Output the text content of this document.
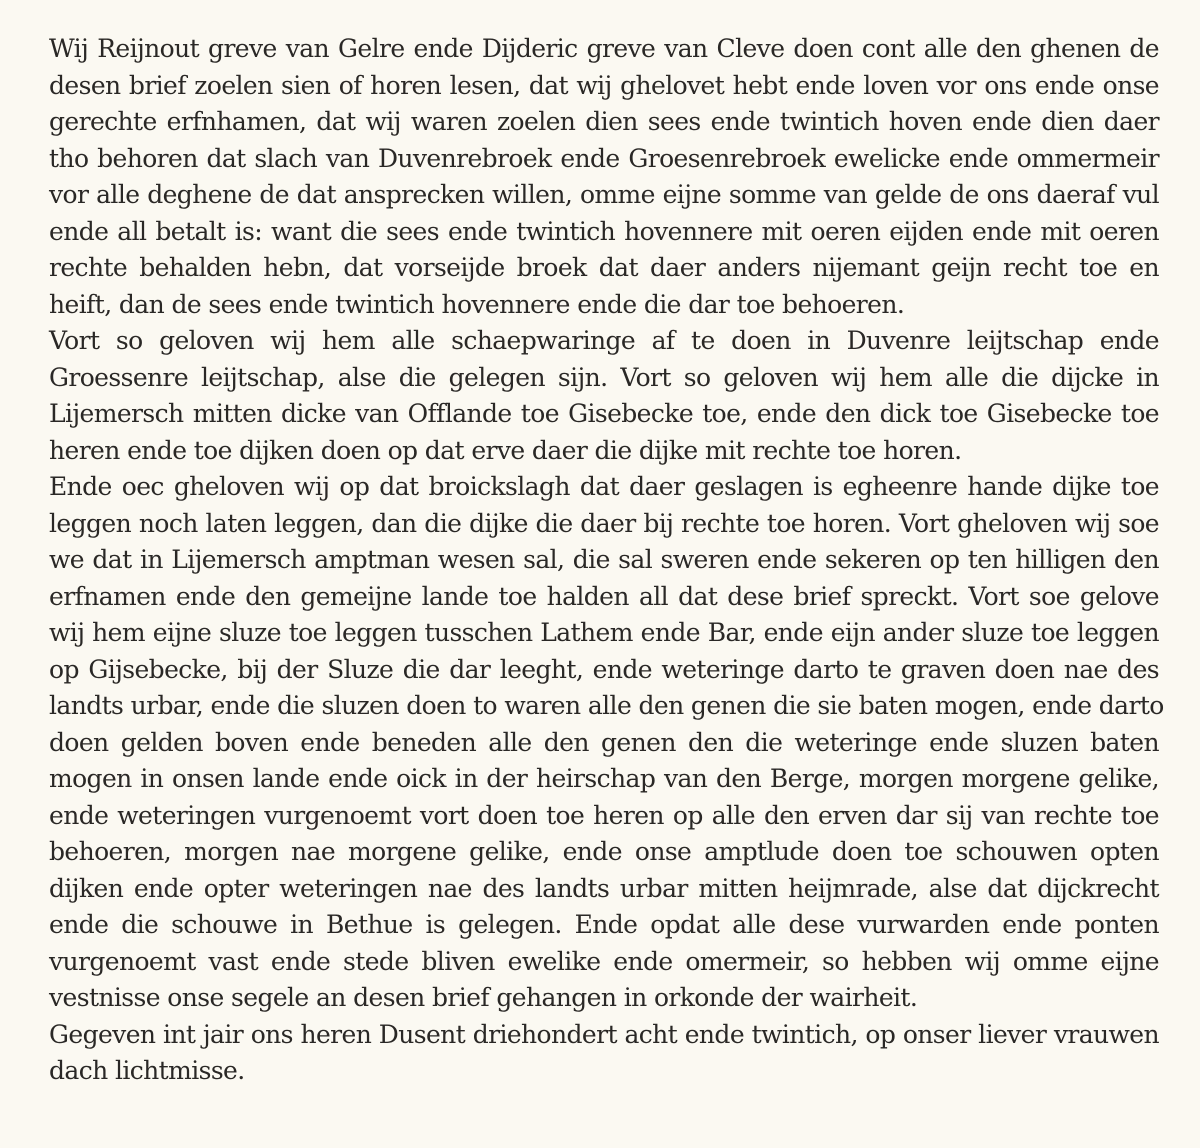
Wij Reijnout greve van Gelre ende Dijderic greve van Cleve doen cont alle den ghenen de
desen brief zoelen sien of horen lesen, dat wij ghelovet hebt ende loven vor ons ende onse
gerechte erfnhamen, dat wij waren zoelen dien sees ende twintich hoven ende dien daer
tho behoren dat slach van Duvenrebroek ende Groesenrebroek ewelicke ende ommermeir
vor alle deghene de dat ansprecken willen, omme eijne somme van gelde de ons daeraf vul
ende all betalt is: want die sees ende twintich hovennere mit oeren eijden ende mit oeren
rechte behalden hebn, dat vorseijde broek dat daer anders nijemant geijn recht toe en
heift, dan de sees ende twintich hovennere ende die dar toe behoeren.
Vort so geloven wij hem alle schaepwaringe af te doen in Duvenre leijtschap ende
Groessenre leijtschap, alse die gelegen sijn. Vort so geloven wij hem alle die dijcke in
Lijemersch mitten dicke van Offlande toe Gisebecke toe, ende den dick toe Gisebecke toe
heren ende toe dijken doen op dat erve daer die dijke mit rechte toe horen.
Ende oec gheloven wij op dat broickslagh dat daer geslagen is egheenre hande dijke toe
leggen noch laten leggen, dan die dijke die daer bij rechte toe horen. Vort gheloven wij soe
we dat in Lijemersch amptman wesen sal, die sal sweren ende sekeren op ten hilligen den
erfnamen ende den gemeijne lande toe halden all dat dese brief spreckt. Vort soe gelove
wij hem eijne sluze toe leggen tusschen Lathem ende Bar, ende eijn ander sluze toe leggen
op Gijsebecke, bij der Sluze die dar leeght, ende weteringe darto te graven doen nae des
landts urbar, ende die sluzen doen to waren alle den genen die sie baten mogen, ende darto
doen gelden boven ende beneden alle den genen den die weteringe ende sluzen baten
mogen in onsen lande ende oick in der heirschap van den Berge, morgen morgene gelike,
ende weteringen vurgenoemt vort doen toe heren op alle den erven dar sij van rechte toe
behoeren, morgen nae morgene gelike, ende onse amptlude doen toe schouwen opten
dijken ende opter weteringen nae des landts urbar mitten heijmrade, alse dat dijckrecht
ende die schouwe in Bethue is gelegen. Ende opdat alle dese vurwarden ende ponten
vurgenoemt vast ende stede bliven ewelike ende omermeir, so hebben wij omme eijne
vestnisse onse segele an desen brief gehangen in orkonde der wairheit.
Gegeven int jair ons heren Dusent driehondert acht ende twintich, op onser liever vrauwen
dach lichtmisse.
